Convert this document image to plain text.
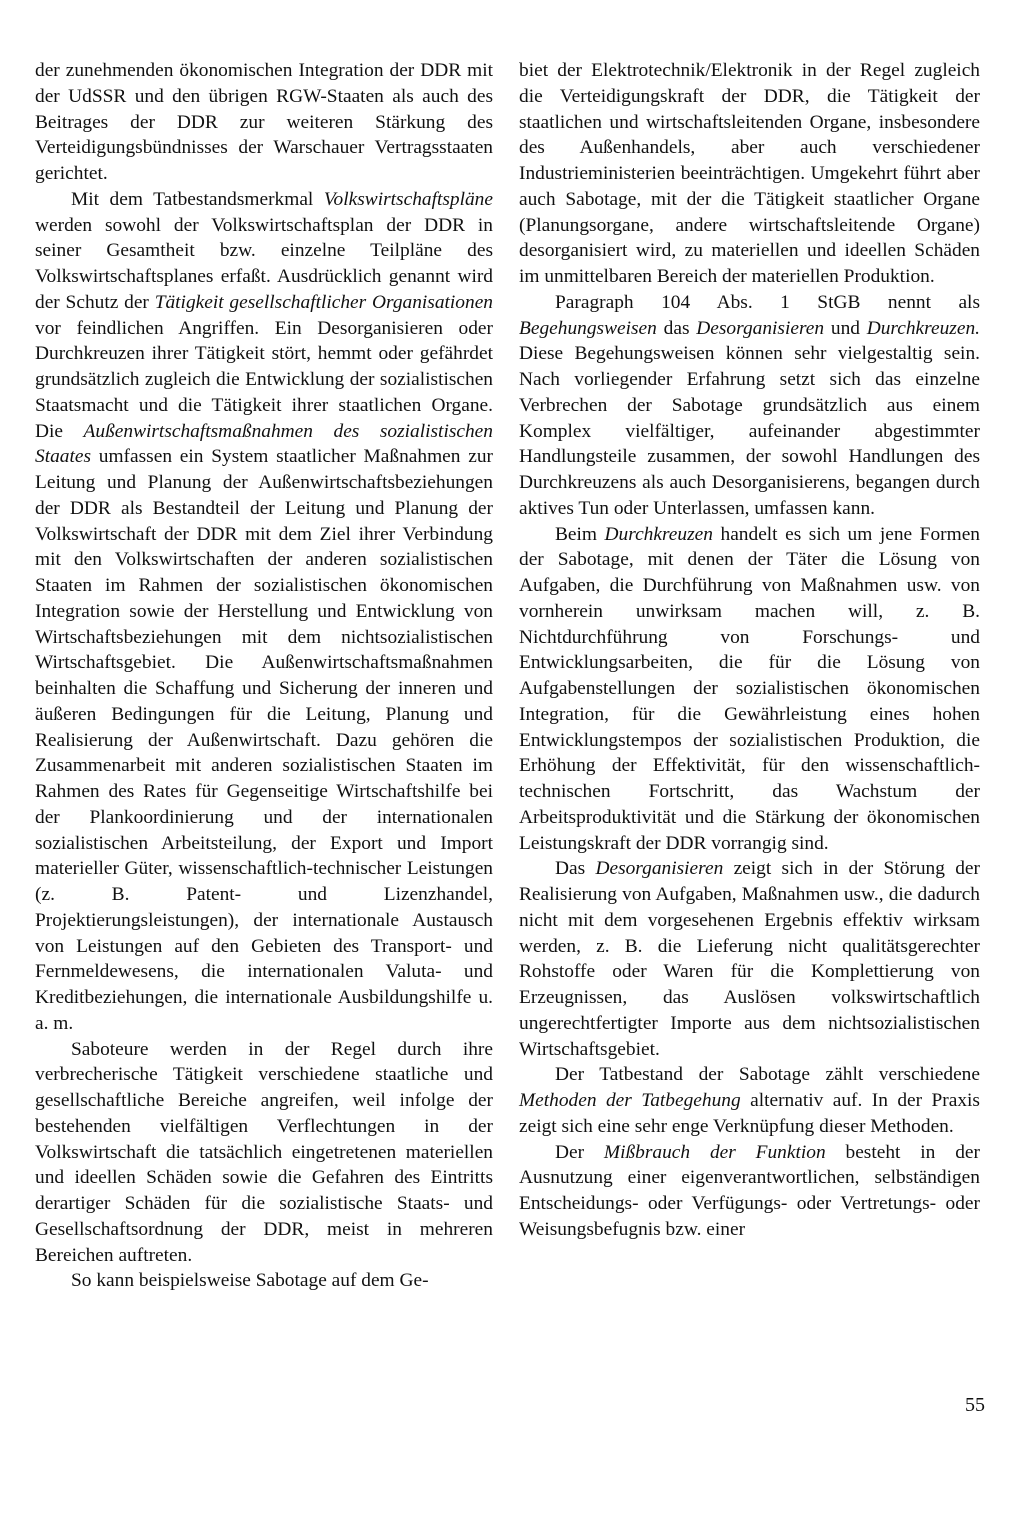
der zunehmenden ökonomischen Integration der DDR mit der UdSSR und den übrigen RGW-Staaten als auch des Beitrages der DDR zur weiteren Stärkung des Verteidigungsbündnisses der Warschauer Vertragsstaaten gerichtet.

Mit dem Tatbestandsmerkmal Volkswirtschaftspläne werden sowohl der Volkswirtschaftsplan der DDR in seiner Gesamtheit bzw. einzelne Teilpläne des Volkswirtschaftsplanes erfaßt. Ausdrücklich genannt wird der Schutz der Tätigkeit gesellschaftlicher Organisationen vor feindlichen Angriffen. Ein Desorganisieren oder Durchkreuzen ihrer Tätigkeit stört, hemmt oder gefährdet grundsätzlich zugleich die Entwicklung der sozialistischen Staatsmacht und die Tätigkeit ihrer staatlichen Organe. Die Außenwirtschaftsmaßnahmen des sozialistischen Staates umfassen ein System staatlicher Maßnahmen zur Leitung und Planung der Außenwirtschaftsbeziehungen der DDR als Bestandteil der Leitung und Planung der Volkswirtschaft der DDR mit dem Ziel ihrer Verbindung mit den Volkswirtschaften der anderen sozialistischen Staaten im Rahmen der sozialistischen ökonomischen Integration sowie der Herstellung und Entwicklung von Wirtschaftsbeziehungen mit dem nichtsozialistischen Wirtschaftsgebiet. Die Außenwirtschaftsmaßnahmen beinhalten die Schaffung und Sicherung der inneren und äußeren Bedingungen für die Leitung, Planung und Realisierung der Außenwirtschaft. Dazu gehören die Zusammenarbeit mit anderen sozialistischen Staaten im Rahmen des Rates für Gegenseitige Wirtschaftshilfe bei der Plankoordinierung und der internationalen sozialistischen Arbeitsteilung, der Export und Import materieller Güter, wissenschaftlich-technischer Leistungen (z. B. Patent- und Lizenzhandel, Projektierungsleistungen), der internationale Austausch von Leistungen auf den Gebieten des Transport- und Fernmeldewesens, die internationalen Valuta- und Kreditbeziehungen, die internationale Ausbildungshilfe u. a. m.

Saboteure werden in der Regel durch ihre verbrecherische Tätigkeit verschiedene staatliche und gesellschaftliche Bereiche angreifen, weil infolge der bestehenden vielfältigen Verflechtungen in der Volkswirtschaft die tatsächlich eingetretenen materiellen und ideellen Schäden sowie die Gefahren des Eintritts derartiger Schäden für die sozialistische Staats- und Gesellschaftsordnung der DDR, meist in mehreren Bereichen auftreten.

So kann beispielsweise Sabotage auf dem Ge-

biet der Elektrotechnik/Elektronik in der Regel zugleich die Verteidigungskraft der DDR, die Tätigkeit der staatlichen und wirtschaftsleitenden Organe, insbesondere des Außenhandels, aber auch verschiedener Industrieministerien beeinträchtigen. Umgekehrt führt aber auch Sabotage, mit der die Tätigkeit staatlicher Organe (Planungsorgane, andere wirtschaftsleitende Organe) desorganisiert wird, zu materiellen und ideellen Schäden im unmittelbaren Bereich der materiellen Produktion.

Paragraph 104 Abs. 1 StGB nennt als Begehungsweisen das Desorganisieren und Durchkreuzen. Diese Begehungsweisen können sehr vielgestaltig sein. Nach vorliegender Erfahrung setzt sich das einzelne Verbrechen der Sabotage grundsätzlich aus einem Komplex vielfältiger, aufeinander abgestimmter Handlungsteile zusammen, der sowohl Handlungen des Durchkreuzens als auch Desorganisierens, begangen durch aktives Tun oder Unterlassen, umfassen kann.

Beim Durchkreuzen handelt es sich um jene Formen der Sabotage, mit denen der Täter die Lösung von Aufgaben, die Durchführung von Maßnahmen usw. von vornherein unwirksam machen will, z. B. Nichtdurchführung von Forschungs- und Entwicklungsarbeiten, die für die Lösung von Aufgabenstellungen der sozialistischen ökonomischen Integration, für die Gewährleistung eines hohen Entwicklungstempos der sozialistischen Produktion, die Erhöhung der Effektivität, für den wissenschaftlich-technischen Fortschritt, das Wachstum der Arbeitsproduktivität und die Stärkung der ökonomischen Leistungskraft der DDR vorrangig sind.

Das Desorganisieren zeigt sich in der Störung der Realisierung von Aufgaben, Maßnahmen usw., die dadurch nicht mit dem vorgesehenen Ergebnis effektiv wirksam werden, z. B. die Lieferung nicht qualitätsgerechter Rohstoffe oder Waren für die Komplettierung von Erzeugnissen, das Auslösen volkswirtschaftlich ungerechtfertigter Importe aus dem nichtsozialistischen Wirtschaftsgebiet.

Der Tatbestand der Sabotage zählt verschiedene Methoden der Tatbegehung alternativ auf. In der Praxis zeigt sich eine sehr enge Verknüpfung dieser Methoden.

Der Mißbrauch der Funktion besteht in der Ausnutzung einer eigenverantwortlichen, selbständigen Entscheidungs- oder Verfügungs- oder Vertretungs- oder Weisungsbefugnis bzw. einer

55
